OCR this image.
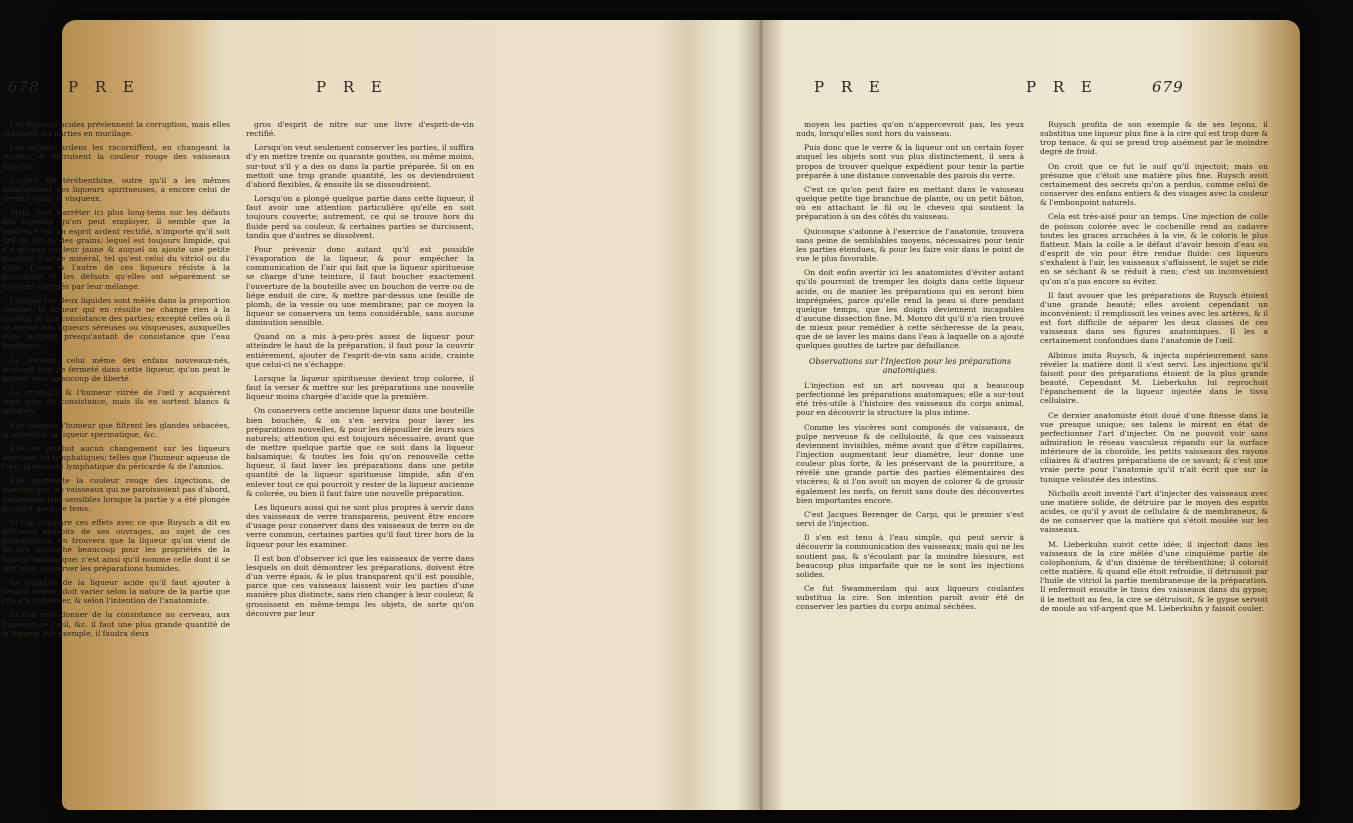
678 P R E	P R E

Les liqueurs acides préviennent la corruption, mais elles réduisent les parties en mucilage.

Les esprits ardens les racorniffent, en changeant la couleur, & détruisent la couleur rouge des vaisseaux injectés.

L'esprit de térébenthine, outre qu'il a les mêmes inconvéniens des liqueurs spiritueuses, a encore celui de devenir épais & visqueux.

Mais, sans s'arrêter ici plus long-tems sur les défauts des liqueurs qu'on peut employer, il semble que la meilleure est un esprit ardent rectifié, n'importe qu'il soit tiré du vin ou des grains; lequel est toujours limpide, qui n'a aucune couleur jaune & auquel on ajoute une petite quantité d'acide minéral, tel qu'est celui du vitriol ou du nitre. L'une & l'autre de ces liqueurs résiste à la pourriture, & les défauts qu'elles ont séparément se trouvent corrigés par leur mélange.

Lorsque ces deux liquides sont mêlés dans la proportion requise, la liqueur qui en résulte ne change rien à la couleur, ni à la consistance des parties; excepté celles où il se trouve des liqueurs séreuses ou visqueuses, auxquelles elles donnent presqu'autant de consistance que l'eau bouillante.

Le cerveau, celui même des enfans nouveaux-nés, acquiert tant de fermeté dans cette liqueur, qu'on peut le manier avec beaucoup de liberté.

Le crystallin & l'humeur vitrée de l'œil y acquièrent aussi plus de consistance, mais ils en sortent blancs & opaques.

Elle coagule l'humeur que filtrent les glandes sébacées, la mucosité, la liqueur spermatique, &c.

Elle ne produit aucun changement sur les liqueurs aqueuses ou lymphatiques; telles que l'humeur aqueuse de l'œil, la sérosité lymphatique du péricarde & de l'amnios.

Elle augmente la couleur rouge des injections, de manière que les vaisseaux qui ne paroissoient pas d'abord, deviennent très-sensibles lorsque la partie y a été plongée pendant quelque tems.

Si l'on compare ces effets avec ce que Ruysch a dit en différens endroits de ses ouvrages, au sujet de ces préparations, on trouvera que la liqueur qu'on vient de décrire approche beaucoup pour les propriétés de la liqueur balsamique; c'est ainsi qu'il nomme celle dont il se sert pour conserver les préparations humides.

La quantité de la liqueur acide qu'il faut ajouter à l'esprit ardent, doit varier selon la nature de la partie que l'on a à conserver, & selon l'intention de l'anatomiste.

Si l'on veut donner de la consistance au cerveau, aux humeurs de l'œil, &c. il faut une plus grande quantité de la liqueur. Par exemple, il faudra deux

gros d'esprit de nitre sur une livre d'esprit-de-vin rectifié.

Lorsqu'on veut seulement conserver les parties, il suffira d'y en mettre trente ou quarante gouttes, ou même moins, sur-tout s'il y a des os dans la partie préparée. Si on en mettoit une trop grande quantité, les os deviendroient d'abord flexibles, & ensuite ils se dissoudroient.

Lorsqu'on a plongé quelque partie dans cette liqueur, il faut avoir une attention particulière qu'elle en soit toujours couverte; autrement, ce qui se trouve hors du fluide perd sa couleur, & certaines parties se durcissent, tandis que d'autres se dissolvent.

Pour prévenir donc autant qu'il est possible l'évaporation de la liqueur, & pour empêcher la communication de l'air qui fait que la liqueur spiritueuse se charge d'une teinture, il faut boucher exactement l'ouverture de la bouteille avec un bouchon de verre ou de liége enduit de cire, & mettre par-dessus une feuille de plomb, de la vessie ou une membrane; par ce moyen la liqueur se conservera un tems considérable, sans aucune diminution sensible.

Quand on a mis à-peu-près assez de liqueur pour atteindre le haut de la préparation, il faut pour la couvrir entièrement, ajouter de l'esprit-de-vin sans acide, crainte que celui-ci ne s'échappe.

Lorsque la liqueur spiritueuse devient trop colorée, il faut la verser & mettre sur les préparations une nouvelle liqueur moins chargée d'acide que la première.

On conservera cette ancienne liqueur dans une bouteille bien bouchée, & on s'en servira pour laver les préparations nouvelles, & pour les dépouiller de leurs sucs naturels; attention qui est toujours nécessaire, avant que de mettre quelque partie que ce soit dans la liqueur balsamique; & toutes les fois qu'on renouvelle cette liqueur, il faut laver les préparations dans une petite quantité de la liqueur spiritueuse limpide, afin d'en enlever tout ce qui pourroit y rester de la liqueur ancienne & colorée, ou bien il faut faire une nouvelle préparation.

Les liqueurs aussi qui ne sont plus propres à servir dans des vaisseaux de verre transparens, peuvent être encore d'usage pour conserver dans des vaisseaux de terre ou de verre commun, certaines parties qu'il faut tirer hors de la liqueur pour les examiner.

Il est bon d'observer ici que les vaisseaux de verre dans lesquels on doit démontrer les préparations, doivent être d'un verre épais, & le plus transparent qu'il est possible, parce que ces vaisseaux laissent voir les parties d'une manière plus distincte, sans rien changer à leur couleur, & grossissent en même-temps les objets, de sorte qu'on découvre par leur

P R E	P R E	679

moyen les parties qu'on n'appercevroit pas, les yeux nuds, lorsqu'elles sont hors du vaisseau.

Puis donc que le verre & la liqueur ont un certain foyer auquel les objets sont vus plus distinctement, il sera à propos de trouver quelque expédient pour tenir la partie préparée à une distance convenable des parois du verre.

C'est ce qu'on peut faire en mettant dans le vaisseau quelque petite tige branchue de plante, ou un petit bâton, où en attachant le fil ou le cheveu qui soutient la préparation à un des côtés du vaisseau.

Quiconque s'adonne à l'exercice de l'anatomie, trouvera sans peine de semblables moyens, nécessaires pour tenir les parties étendues, & pour les faire voir dans le point de vue le plus favorable.

On doit enfin avertir ici les anatomistes d'éviter autant qu'ils pourront de tremper les doigts dans cette liqueur acide, ou de manier les préparations qui en seront bien imprégnées, parce qu'elle rend la peau si dure pendant quelque temps, que les doigts deviennent incapables d'aucune dissection fine. M. Monro dit qu'il n'a rien trouvé de mieux pour remédier à cette sécheresse de la peau, que de se laver les mains dans l'eau à laquelle on a ajouté quelques gouttes de tartre par défaillance.

Observations sur l'Injection pour les préparations anatomiques.

L'injection est un art nouveau qui a beaucoup perfectionné les préparations anatomiques; elle a sur-tout été très-utile à l'histoire des vaisseaux du corps animal, pour en découvrir la structure la plus intime.

Comme les viscères sont composés de vaisseaux, de pulpe nerveuse & de cellulosité, & que ces vaisseaux deviennent invisibles, même avant que d'être capillaires, l'injection augmentant leur diamètre, leur donne une couleur plus forte, & les préservant de la pourriture, a révélé une grande partie des parties élémentaires des viscères; & si l'on avoit un moyen de colorer & de grossir également les nerfs, on feroit sans doute des découvertes bien importantes encore.

C'est Jacques Berenger de Carpi, qui le premier s'est servi de l'injection.

Il s'en est tenu à l'eau simple, qui peut servir à découvrir la communication des vaisseaux; mais qui ne les soutient pas, & s'écoulant par la moindre blessure, est beaucoup plus imparfaite que ne le sont les injections solides.

Ce fut Swammerdam qui aux liqueurs coulantes substitua la cire. Son intention paroît avoir été de conserver les parties du corps animal séchées.

Ruysch profita de son exemple & de ses leçons, il substitua une liqueur plus fine à la cire qui est trop dure & trop tenace, & qui se prend trop aisément par le moindre degré de froid.

On croit que ce fut le suif qu'il injectoit; mais on présume que c'étoit une matière plus fine. Ruysch avoit certainement des secrets qu'on a perdus, comme celui de conserver des enfans entiers & des visages avec la couleur & l'embonpoint naturels.

Cela est très-aisé pour un temps. Une injection de colle de poisson colorée avec le cochenille rend au cadavre toutes les graces arrachées à la vie, & le coloris le plus flatteur. Mais la colle a le défaut d'avoir besoin d'eau ou d'esprit de vin pour être rendue fluide: ces liqueurs s'exhalent à l'air, les vaisseaux s'affaissent, le sujet se ride en se séchant & se réduit à rien; c'est un inconvénient qu'on n'a pas encore su éviter.

Il faut avouer que les préparations de Ruysch étoient d'une grande beauté; elles avoient cependant un inconvénient: il remplissoit les veines avec les artères, & il est fort difficile de séparer les deux classes de ces vaisseaux dans ses figures anatomiques. Il les a certainement confondues dans l'anatomie de l'œil.

Albinus imita Ruysch, & injecta supérieurement sans révéler la matière dont il s'est servi. Les injections qu'il faisoit pour des préparations étoient de la plus grande beauté. Cependant M. Lieberkuhn lui reprochoit l'épanchement de la liqueur injectée dans le tissu cellulaire.

Ce dernier anatomiste étoit doué d'une finesse dans la vue presque unique; ses talens le mirent en état de perfectionner l'art d'injecter. On ne pouvoit voir sans admiration le réseau vasculeux répandu sur la surface intérieure de la choroïde, les petits vaisseaux des rayons ciliaires & d'autres préparations de ce savant; & c'est une vraie perte pour l'anatomie qu'il n'ait écrit que sur la tunique veloutée des intestins.

Nicholls avoit inventé l'art d'injecter des vaisseaux avec une matière solide, de détruire par le moyen des esprits acides, ce qu'il y avoit de cellulaire & de membraneux, & de ne conserver que la matière qui s'étoit moulée sur les vaisseaux.

M. Lieberkuhn suivit cette idée; il injectoit dans les vaisseaux de la cire mêlée d'une cinquième partie de colophonium, & d'un dixième de térébenthine; il coloroit cette matière, & quand elle étoit refroidie, il détruisoit par l'huile de vitriol la partie membraneuse de la préparation. Il enfermoit ensuite le tissu des vaisseaux dans du gypse; il le mettoit au feu, la cire se détruisoit, & le gypse servoit de moule au vif-argent que M. Lieberkuhn y faisoit couler.
